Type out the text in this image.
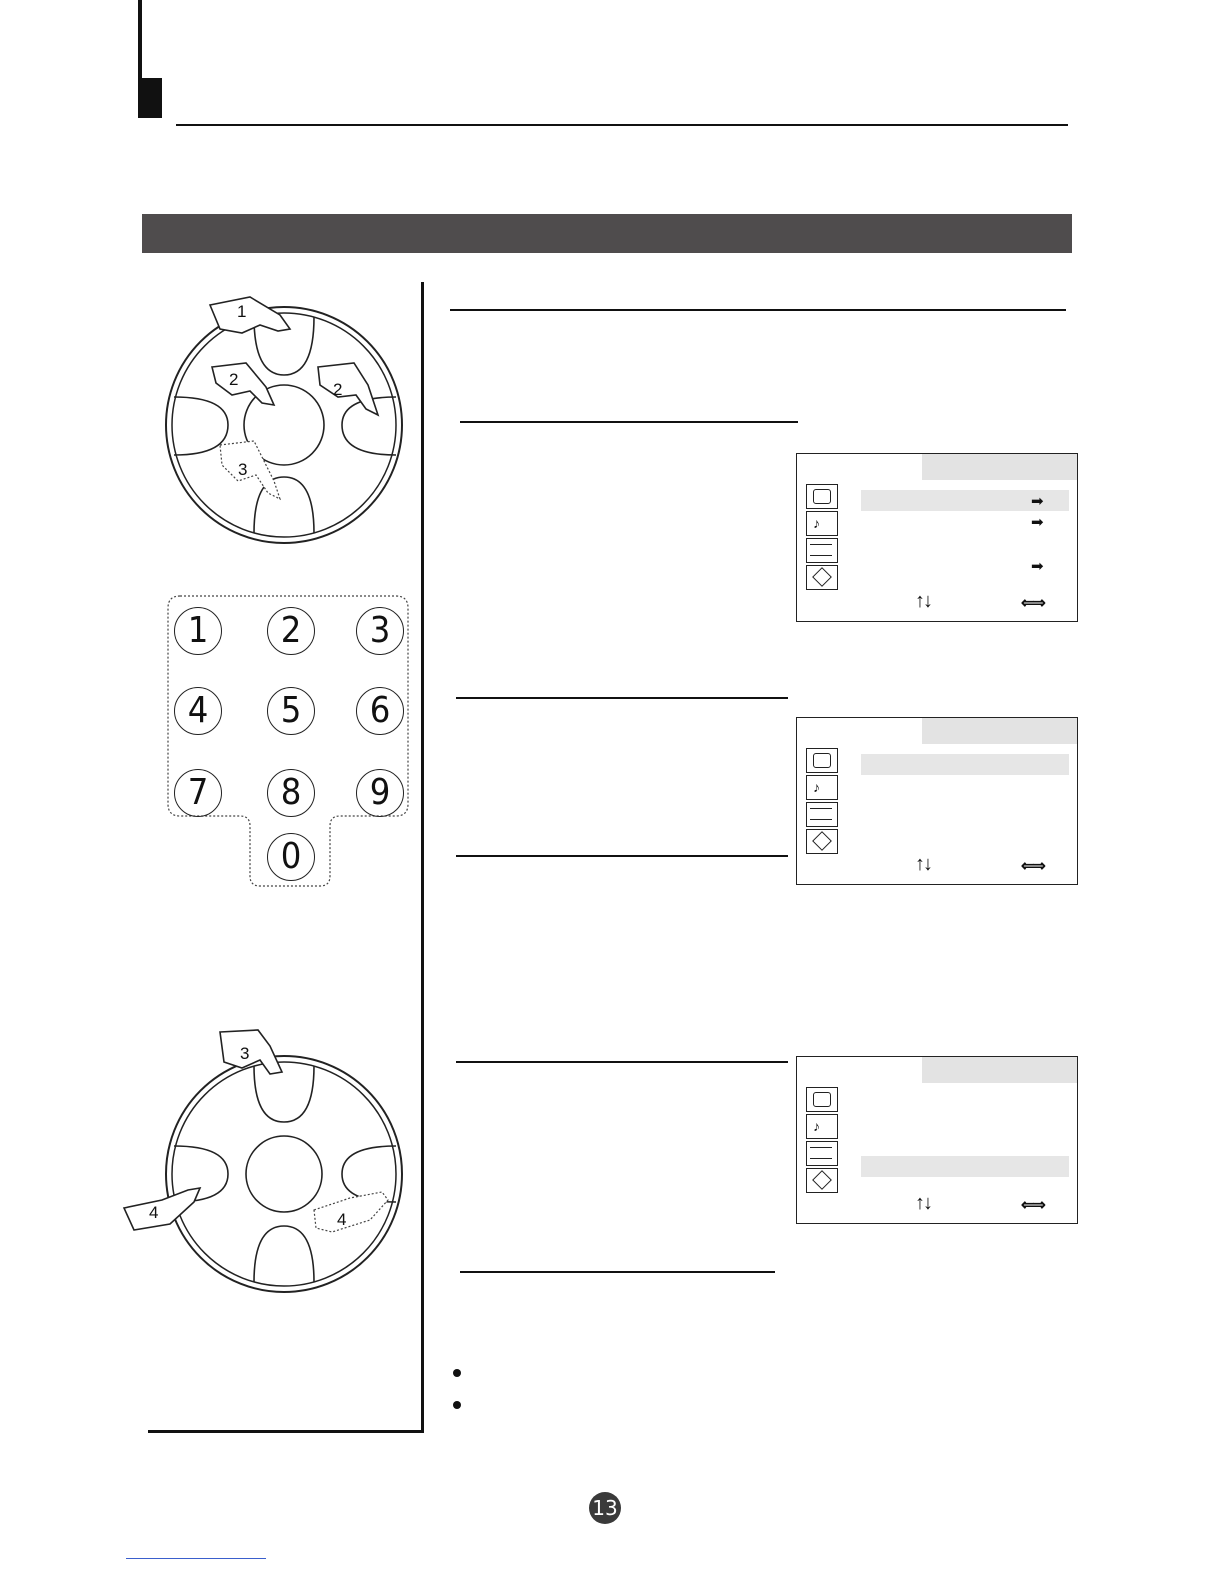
1
2
2
3
1	2	3
4	5	6
7	8	9
0
3
4	4
♪
➡
➡
➡
↑↓	⇐⇒
♪
↑↓	⇐⇒
♪
↑↓	⇐⇒
13
